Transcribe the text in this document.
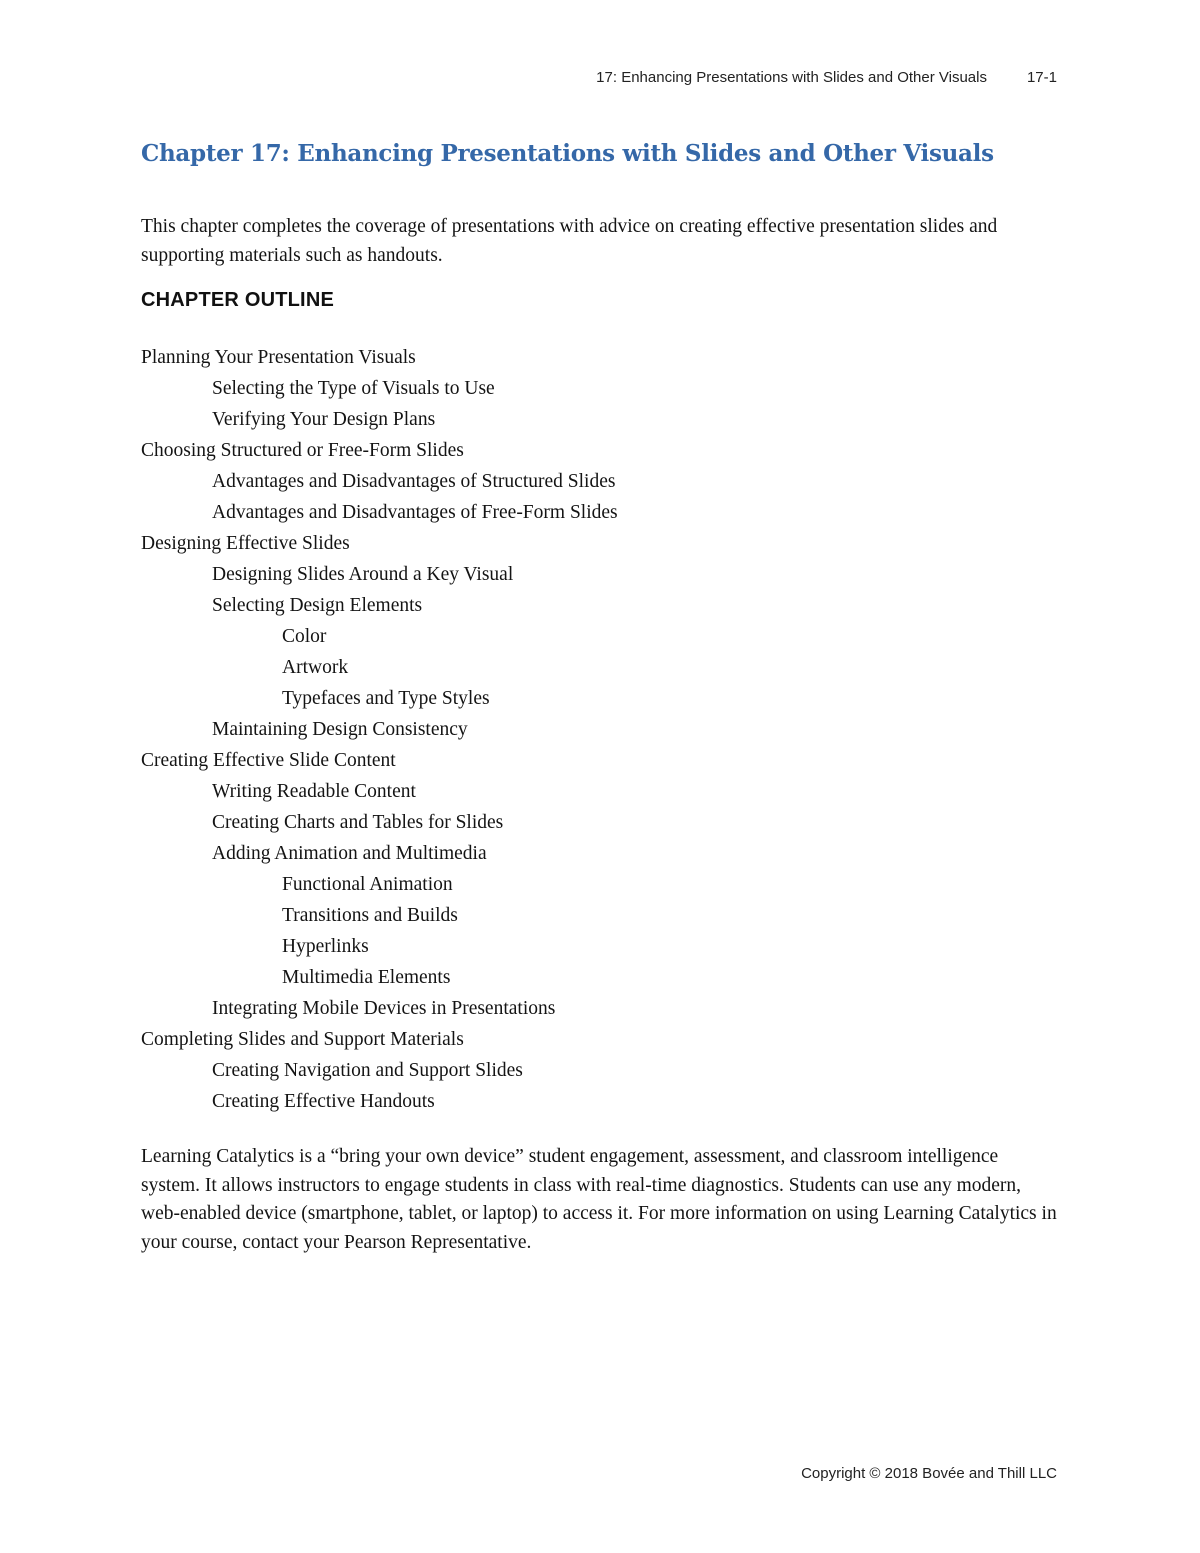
17: Enhancing Presentations with Slides and Other Visuals	17-1
Chapter 17: Enhancing Presentations with Slides and Other Visuals

This chapter completes the coverage of presentations with advice on creating effective presentation slides and supporting materials such as handouts.

CHAPTER OUTLINE
Planning Your Presentation Visuals
Selecting the Type of Visuals to Use
Verifying Your Design Plans
Choosing Structured or Free-Form Slides
Advantages and Disadvantages of Structured Slides
Advantages and Disadvantages of Free-Form Slides
Designing Effective Slides
Designing Slides Around a Key Visual
Selecting Design Elements
Color
Artwork
Typefaces and Type Styles
Maintaining Design Consistency
Creating Effective Slide Content
Writing Readable Content
Creating Charts and Tables for Slides
Adding Animation and Multimedia
Functional Animation
Transitions and Builds
Hyperlinks
Multimedia Elements
Integrating Mobile Devices in Presentations
Completing Slides and Support Materials
Creating Navigation and Support Slides
Creating Effective Handouts

Learning Catalytics is a “bring your own device” student engagement, assessment, and classroom intelligence system. It allows instructors to engage students in class with real-time diagnostics. Students can use any modern, web-enabled device (smartphone, tablet, or laptop) to access it. For more information on using Learning Catalytics in your course, contact your Pearson Representative.

Copyright © 2018 Bovée and Thill LLC
